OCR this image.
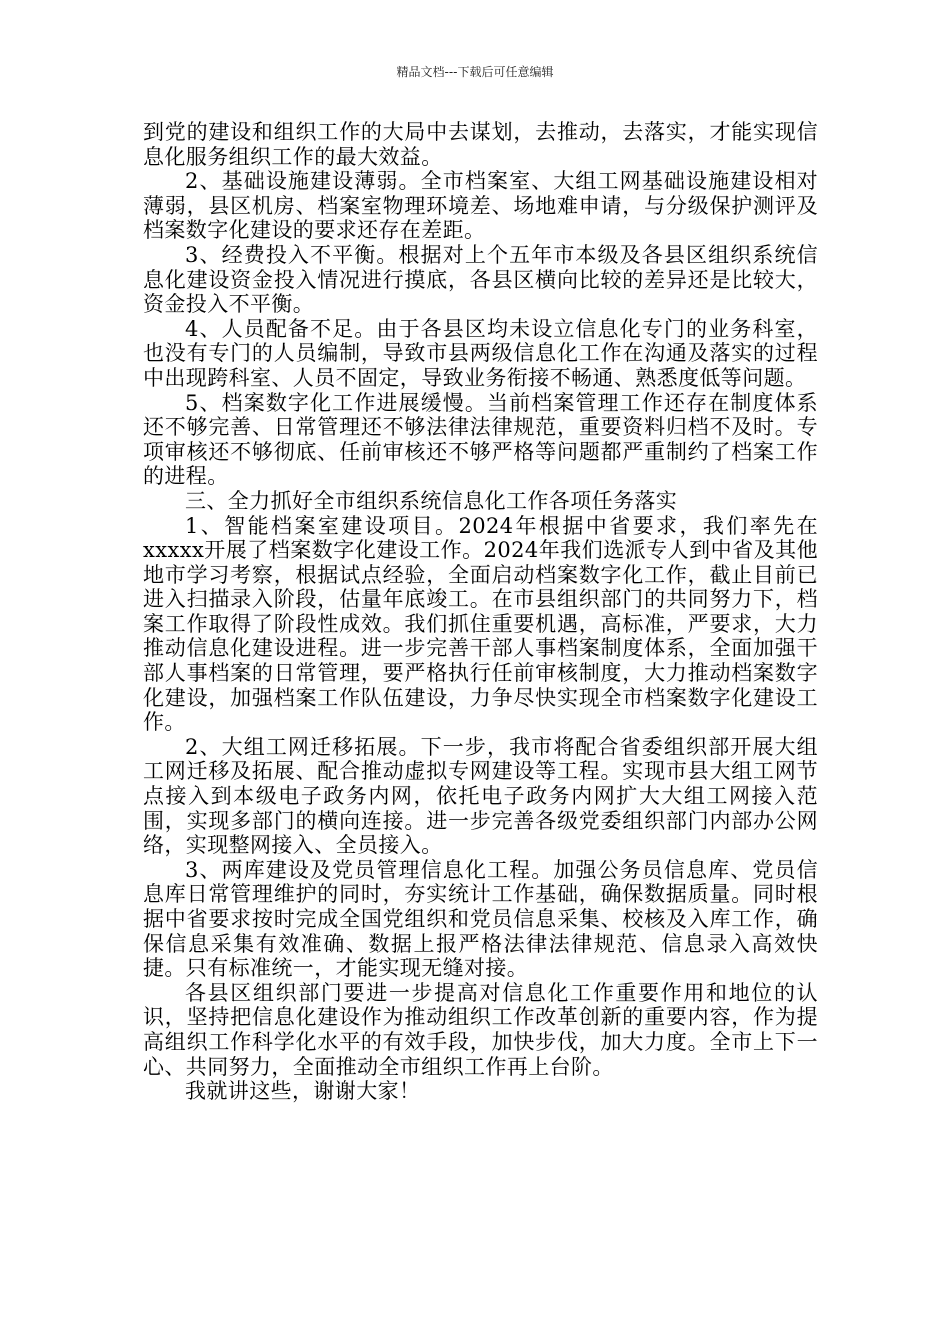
精品文档---下载后可任意编辑

到党的建设和组织工作的大局中去谋划，去推动，去落实，才能实现信息化服务组织工作的最大效益。

2、基础设施建设薄弱。全市档案室、大组工网基础设施建设相对薄弱，县区机房、档案室物理环境差、场地难申请，与分级保护测评及档案数字化建设的要求还存在差距。

3、经费投入不平衡。根据对上个五年市本级及各县区组织系统信息化建设资金投入情况进行摸底，各县区横向比较的差异还是比较大，资金投入不平衡。

4、人员配备不足。由于各县区均未设立信息化专门的业务科室，也没有专门的人员编制，导致市县两级信息化工作在沟通及落实的过程中出现跨科室、人员不固定，导致业务衔接不畅通、熟悉度低等问题。

5、档案数字化工作进展缓慢。当前档案管理工作还存在制度体系还不够完善、日常管理还不够法律法律规范，重要资料归档不及时。专项审核还不够彻底、任前审核还不够严格等问题都严重制约了档案工作的进程。

三、全力抓好全市组织系统信息化工作各项任务落实

1、智能档案室建设项目。2024年根据中省要求，我们率先在xxxxx开展了档案数字化建设工作。2024年我们选派专人到中省及其他地市学习考察，根据试点经验，全面启动档案数字化工作，截止目前已进入扫描录入阶段，估量年底竣工。在市县组织部门的共同努力下，档案工作取得了阶段性成效。我们抓住重要机遇，高标准，严要求，大力推动信息化建设进程。进一步完善干部人事档案制度体系，全面加强干部人事档案的日常管理，要严格执行任前审核制度，大力推动档案数字化建设，加强档案工作队伍建设，力争尽快实现全市档案数字化建设工作。

2、大组工网迁移拓展。下一步，我市将配合省委组织部开展大组工网迁移及拓展、配合推动虚拟专网建设等工程。实现市县大组工网节点接入到本级电子政务内网，依托电子政务内网扩大大组工网接入范围，实现多部门的横向连接。进一步完善各级党委组织部门内部办公网络，实现整网接入、全员接入。

3、两库建设及党员管理信息化工程。加强公务员信息库、党员信息库日常管理维护的同时，夯实统计工作基础，确保数据质量。同时根据中省要求按时完成全国党组织和党员信息采集、校核及入库工作，确保信息采集有效准确、数据上报严格法律法律规范、信息录入高效快捷。只有标准统一，才能实现无缝对接。

各县区组织部门要进一步提高对信息化工作重要作用和地位的认识，坚持把信息化建设作为推动组织工作改革创新的重要内容，作为提高组织工作科学化水平的有效手段，加快步伐，加大力度。全市上下一心、共同努力，全面推动全市组织工作再上台阶。

我就讲这些，谢谢大家！
